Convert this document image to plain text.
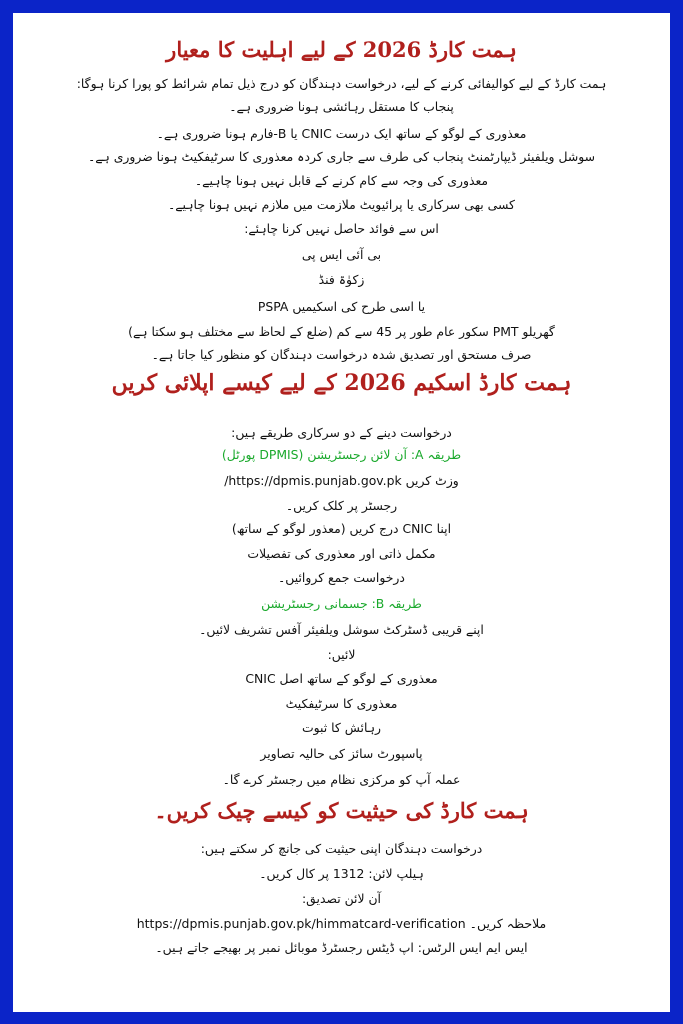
ہمت کارڈ 2026 کے لیے اہلیت کا معیار
ہمت کارڈ کے لیے کوالیفائی کرنے کے لیے، درخواست دہندگان کو درج ذیل تمام شرائط کو پورا کرنا ہوگا:
پنجاب کا مستقل رہائشی ہونا ضروری ہے۔
معذوری کے لوگو کے ساتھ ایک درست CNIC یا B-فارم ہونا ضروری ہے۔
سوشل ویلفیئر ڈیپارٹمنٹ پنجاب کی طرف سے جاری کردہ معذوری کا سرٹیفکیٹ ہونا ضروری ہے۔
معذوری کی وجہ سے کام کرنے کے قابل نہیں ہونا چاہیے۔
کسی بھی سرکاری یا پرائیویٹ ملازمت میں ملازم نہیں ہونا چاہیے۔
اس سے فوائد حاصل نہیں کرنا چاہئے:
بی آئی ایس پی
زکوٰۃ فنڈ
PSPA یا اسی طرح کی اسکیمیں
گھریلو PMT سکور عام طور پر 45 سے کم (ضلع کے لحاظ سے مختلف ہو سکتا ہے)
صرف مستحق اور تصدیق شدہ درخواست دہندگان کو منظور کیا جاتا ہے۔
ہمت کارڈ اسکیم 2026 کے لیے کیسے اپلائی کریں
درخواست دینے کے دو سرکاری طریقے ہیں:
طریقہ A: آن لائن رجسٹریشن (DPMIS پورٹل)
وزٹ کریں https://dpmis.punjab.gov.pk/
رجسٹر پر کلک کریں۔
اپنا CNIC درج کریں (معذور لوگو کے ساتھ)
مکمل ذاتی اور معذوری کی تفصیلات
درخواست جمع کروائیں۔
طریقہ B: جسمانی رجسٹریشن
اپنے قریبی ڈسٹرکٹ سوشل ویلفیئر آفس تشریف لائیں۔
لائیں:
معذوری کے لوگو کے ساتھ اصل CNIC
معذوری کا سرٹیفکیٹ
رہائش کا ثبوت
پاسپورٹ سائز کی حالیہ تصاویر
عملہ آپ کو مرکزی نظام میں رجسٹر کرے گا۔
ہمت کارڈ کی حیثیت کو کیسے چیک کریں۔
درخواست دہندگان اپنی حیثیت کی جانچ کر سکتے ہیں:
ہیلپ لائن: 1312 پر کال کریں۔
آن لائن تصدیق:
https://dpmis.punjab.gov.pk/himmatcard-verification ملاحظہ کریں۔
ایس ایم ایس الرٹس: اپ ڈیٹس رجسٹرڈ موبائل نمبر پر بھیجے جاتے ہیں۔
